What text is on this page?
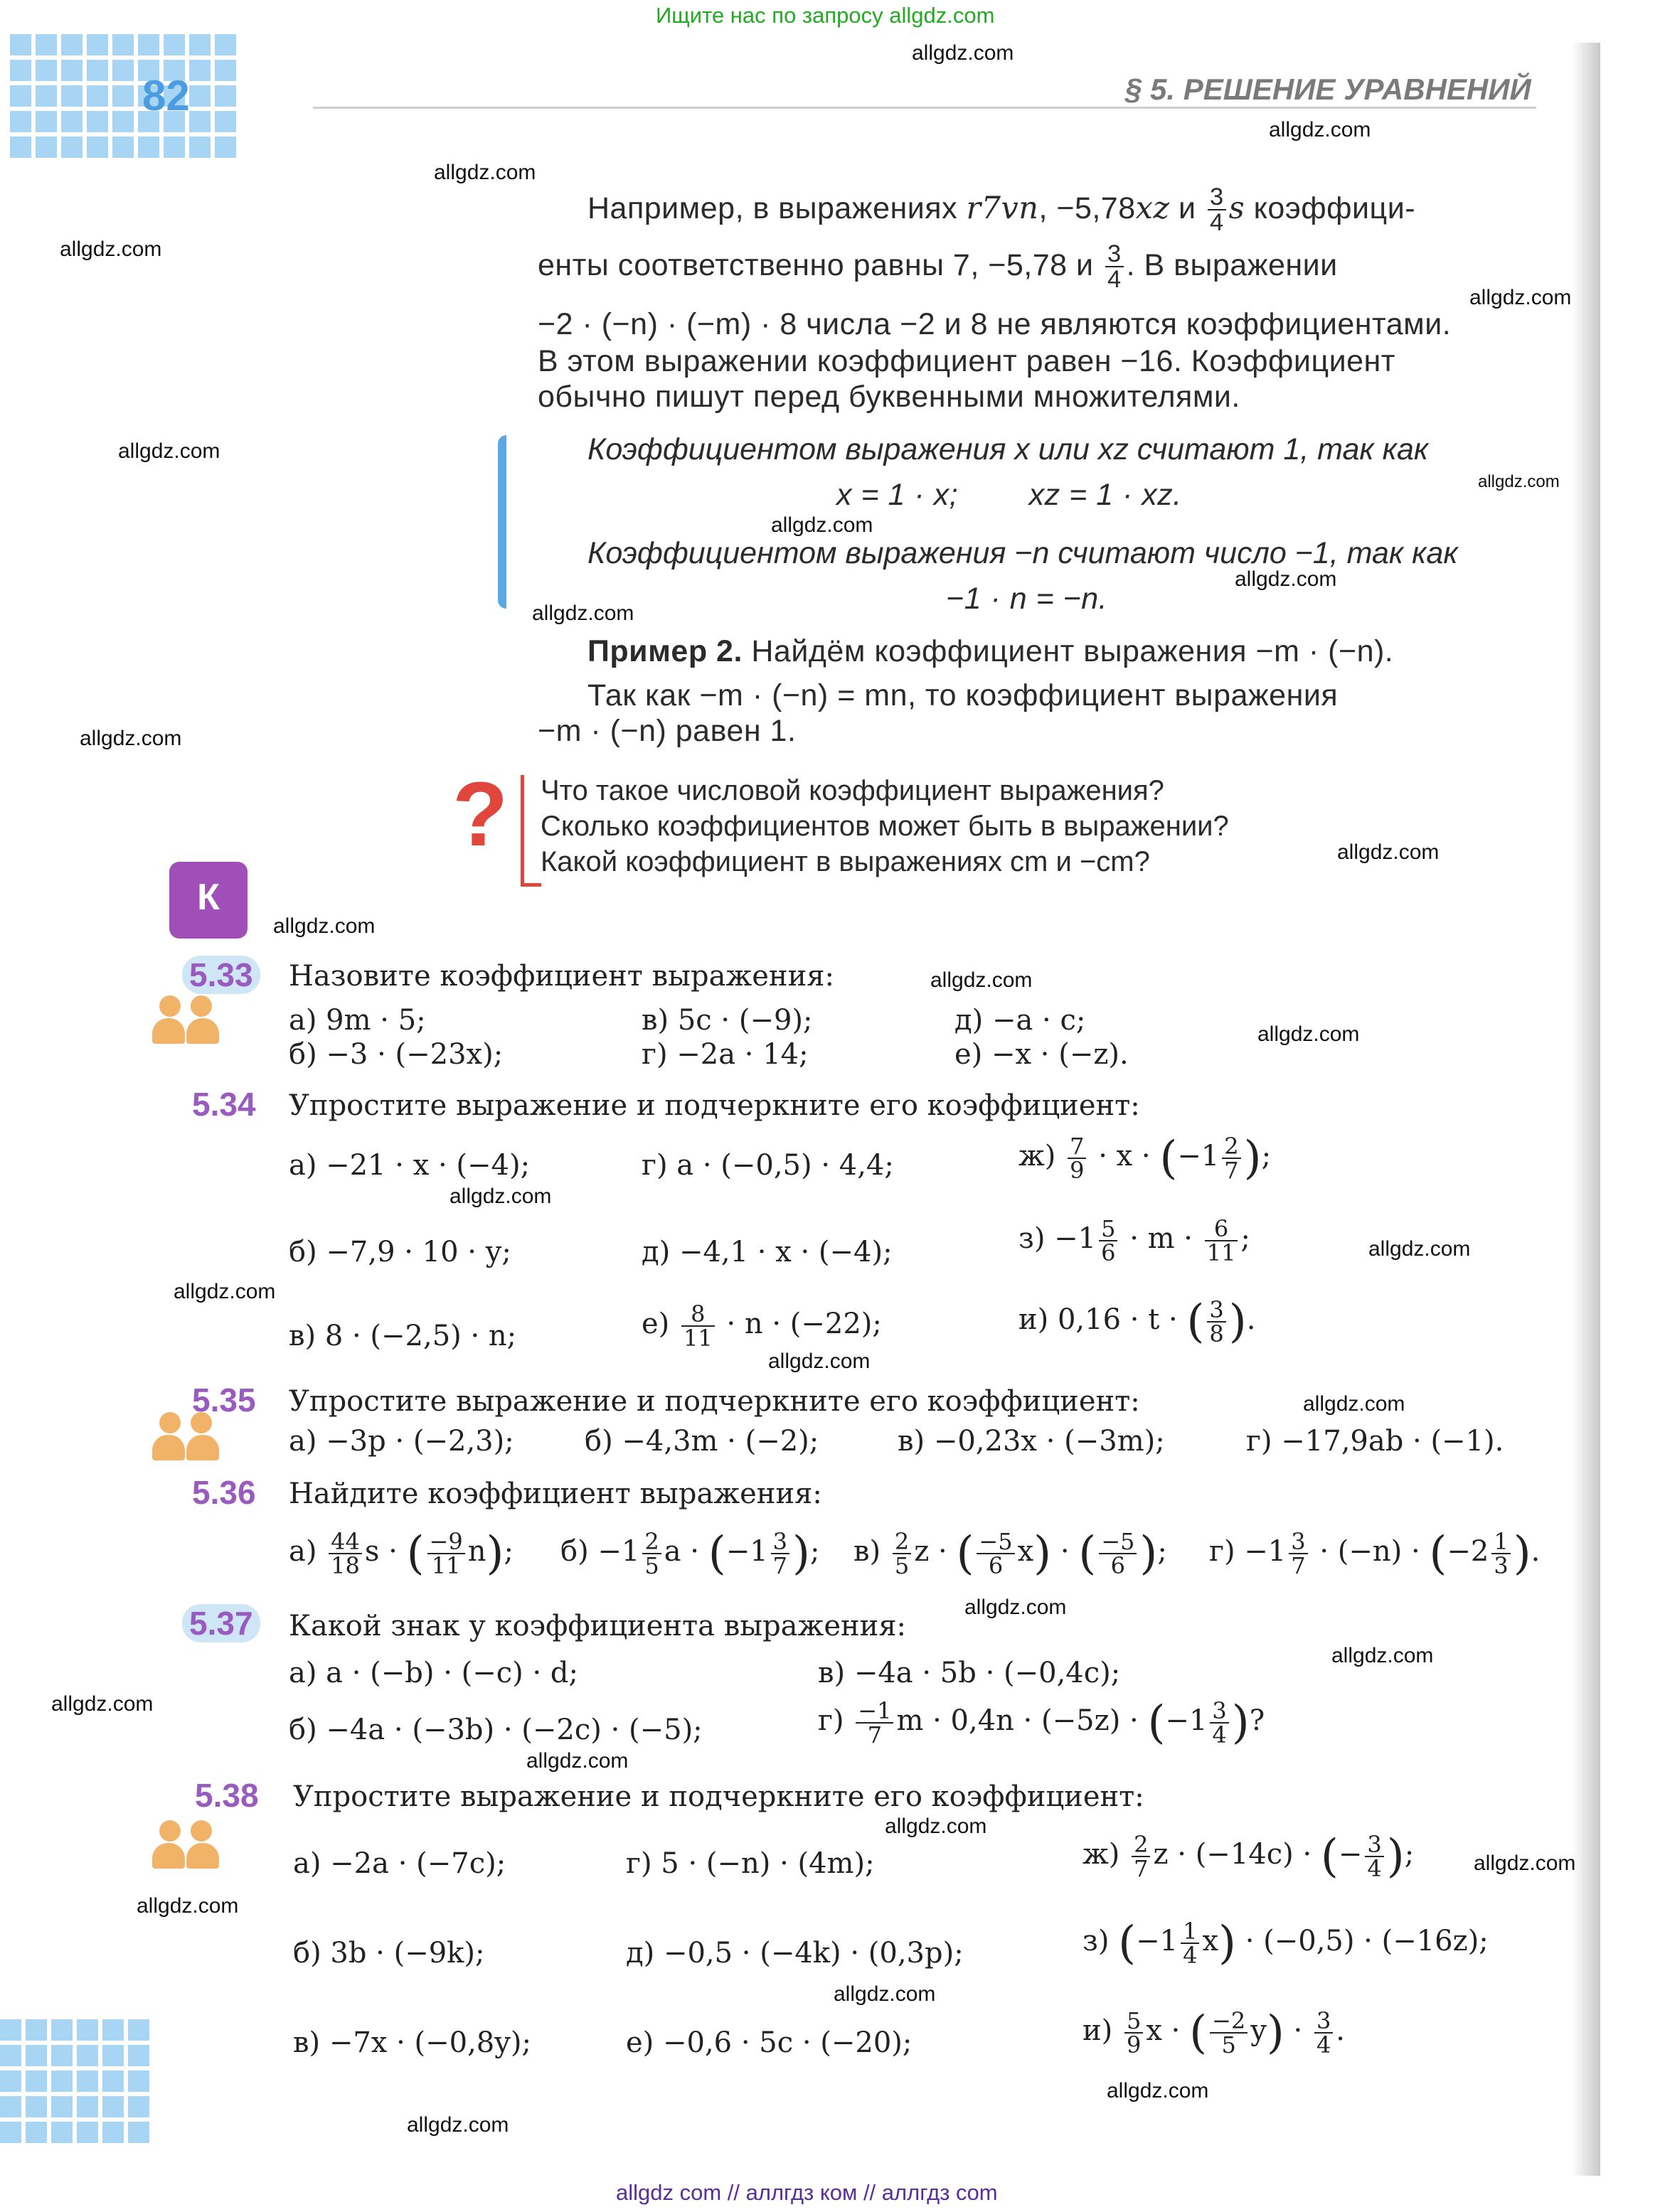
Ищите нас по запросу allgdz.com
allgdz.com
allgdz.com
allgdz.com
allgdz.com
allgdz.com
allgdz.com
allgdz.com
allgdz.com
allgdz.com
allgdz.com
allgdz.com
allgdz.com
allgdz.com
allgdz.com
allgdz.com
allgdz.com
allgdz.com
allgdz.com
allgdz.com
allgdz.com
allgdz.com
allgdz.com
allgdz.com
allgdz.com
allgdz.com
allgdz.com
allgdz.com
allgdz.com
allgdz.com
allgdz.com
allgdz com // аллгдз ком // аллгдз com
82	§ 5. РЕШЕНИЕ УРАВНЕНИЙ
Например, в выражениях r7vn, −5,78xz и $\frac{3}{4}$ s коэффици-
енты соответственно равны 7, −5,78 и $\frac{3}{4}$ . В выражении
−2 · (−n) · (−m) · 8 числа −2 и 8 не являются коэффициентами.
В этом выражении коэффициент равен −16. Коэффициент
обычно пишут перед буквенными множителями.
Коэффициентом выражения x или xz считают 1, так как
x = 1 · x;        xz = 1 · xz.
Коэффициентом выражения −n считают число −1, так как
−1 · n = −n.
Пример 2. Найдём коэффициент выражения −m · (−n).
Так как −m · (−n) = mn, то коэффициент выражения
−m · (−n) равен 1.
? Что такое числовой коэффициент выражения?
Сколько коэффициентов может быть в выражении?
Какой коэффициент в выражениях cm и −cm?
К
5.33 Назовите коэффициент выражения:
а) 9m · 5;
б) −3 · (−23x);
в) 5c · (−9);
г) −2a · 14;
д) −a · c;
е) −x · (−z).
5.34 Упростите выражение и подчеркните его коэффициент:
а) −21 · x · (−4);
б) −7,9 · 10 · y;
в) 8 · (−2,5) · n;
г) a · (−0,5) · 4,4;
д) −4,1 · x · (−4);
$е) \frac{8}{11} \cdot n \cdot (-22)$;
$ж) \frac{7}{9} \cdot x \cdot (-1 \frac{2}{7}$ );
$з) -1 \frac{5}{6} \cdot m \cdot \frac{6}{11}$ ;
и) 0,16 · t · ( $\frac{3}{8}$ ).
5.35 Упростите выражение и подчеркните его коэффициент:
а) −3p · (−2,3); б) −4,3m · (−2);	в) −0,23x · (−3m);	г) −17,9ab · (−1).
5.36 Найдите коэффициент выражения:
$а) \frac{44}{18}$ s · ( $\frac{-9}{11} n$); $б) -1 \frac{2}{5}$ $a \cdot (-1 \frac{3}{7}$ ); $в) \frac{2}{5}$ z · ( $\frac{-5}{6} x$) · ( $\frac{-5}{6}$ ); $г) -1 \frac{3}{7} \cdot (-n) \cdot (-2 \frac{1}{3}$ ).
5.37 Какой знак у коэффициента выражения:
а) a · (−b) · (−c) · d;
б) −4a · (−3b) · (−2c) · (−5);
в) −4a · 5b · (−0,4c);
$г) \frac{-1}{7}$ $m \cdot 0,4n \cdot (-5z) \cdot (-1 \frac{3}{4}$ )?
5.38 Упростите выражение и подчеркните его коэффициент:
а) −2a · (−7c);
б) 3b · (−9k);
в) −7x · (−0,8y);
г) 5 · (−n) · (4m);
д) −0,5 · (−4k) · (0,3p);
е) −0,6 · 5c · (−20);
$ж) \frac{2}{7}$ z · (−14c) · (− $\frac{3}{4}$ );
з) $(-1 \frac{1}{4} x) \cdot (-0,5) \cdot (-16z)$;
$и) \frac{5}{9}$ x · ( $\frac{-2}{5} y) \cdot \frac{3}{4}$ .
